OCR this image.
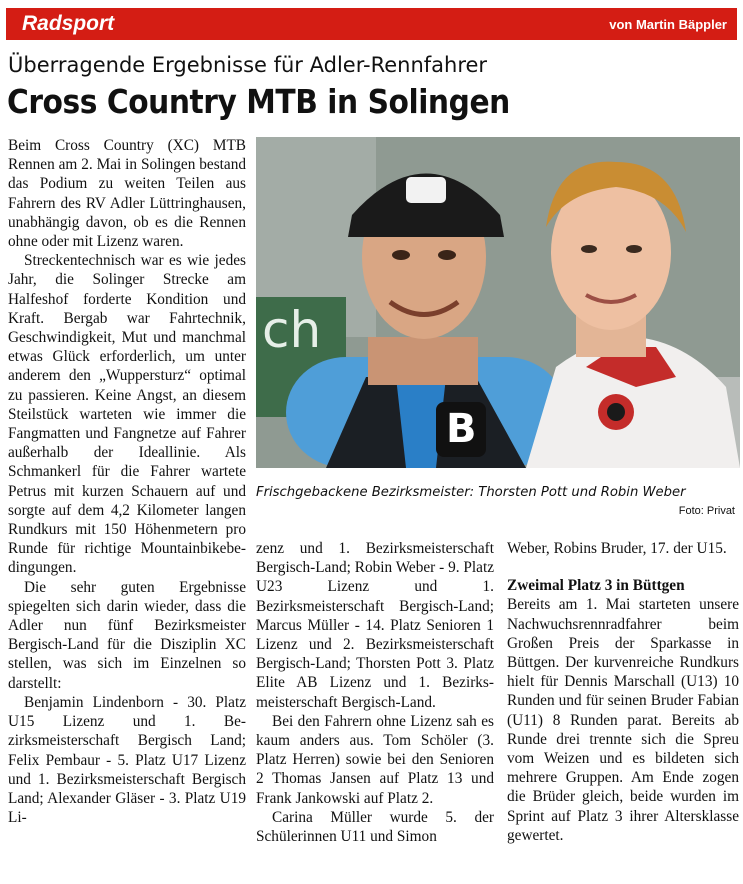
Radsport	von Martin Bäppler
Überragende Ergebnisse für Adler-Rennfahrer
Cross Country MTB in Solingen

Beim Cross Country (XC) MTB Rennen am 2. Mai in Solingen bestand das Podium zu weiten Teilen aus Fahrern des RV Adler Lüttringhausen, unabhängig davon, ob es die Rennen ohne oder mit Lizenz waren.

Streckentechnisch war es wie jedes Jahr, die Solinger Strecke am Halfeshof forderte Kondition und Kraft. Bergab war Fahrtechnik, Geschwindigkeit, Mut und manchmal etwas Glück erforderlich, um unter anderem den „Wuppersturz“ optimal zu passieren. Keine Angst, an diesem Steilstück warteten wie immer die Fangmatten und Fangnetze auf Fahrer außerhalb der Ideallinie. Als Schmankerl für die Fahrer wartete Petrus mit kurzen Schauern auf und sorgte auf dem 4,2 Kilometer langen Rundkurs mit 150 Höhenmetern pro Runde für richtige Mountainbikebedingungen.

Die sehr guten Ergebnisse spiegelten sich darin wieder, dass die Adler nun fünf Bezirksmeister Bergisch-Land für die Disziplin XC stellen, was sich im Einzelnen so darstellt:

Benjamin Lindenborn - 30. Platz U15 Lizenz und 1. Bezirksmeisterschaft Bergisch Land; Felix Pembaur - 5. Platz U17 Lizenz und 1. Bezirksmeisterschaft Bergisch Land; Alexander Gläser - 3. Platz U19 Li-

ch
B
Frischgebackene Bezirksmeister: Thorsten Pott und Robin Weber
Foto: Privat

zenz und 1. Bezirksmeisterschaft Bergisch-Land; Robin Weber - 9. Platz U23 Lizenz und 1. Bezirksmeisterschaft Bergisch-Land; Marcus Müller - 14. Platz Senioren 1 Lizenz und 2. Bezirksmeisterschaft Bergisch-Land; Thorsten Pott 3. Platz Elite AB Lizenz und 1. Bezirksmeisterschaft Bergisch-Land.

Bei den Fahrern ohne Lizenz sah es kaum anders aus. Tom Schöler (3. Platz Herren) sowie bei den Senioren 2 Thomas Jansen auf Platz 13 und Frank Jankowski auf Platz 2.

Carina Müller wurde 5. der Schülerinnen U11 und Simon

Weber, Robins Bruder, 17. der U15.

Zweimal Platz 3 in Büttgen

Bereits am 1. Mai starteten unsere Nachwuchsrennradfahrer beim Großen Preis der Sparkasse in Büttgen. Der kurvenreiche Rundkurs hielt für Dennis Marschall (U13) 10 Runden und für seinen Bruder Fabian (U11) 8 Runden parat. Bereits ab Runde drei trennte sich die Spreu vom Weizen und es bildeten sich mehrere Gruppen. Am Ende zogen die Brüder gleich, beide wurden im Sprint auf Platz 3 ihrer Altersklasse gewertet.
